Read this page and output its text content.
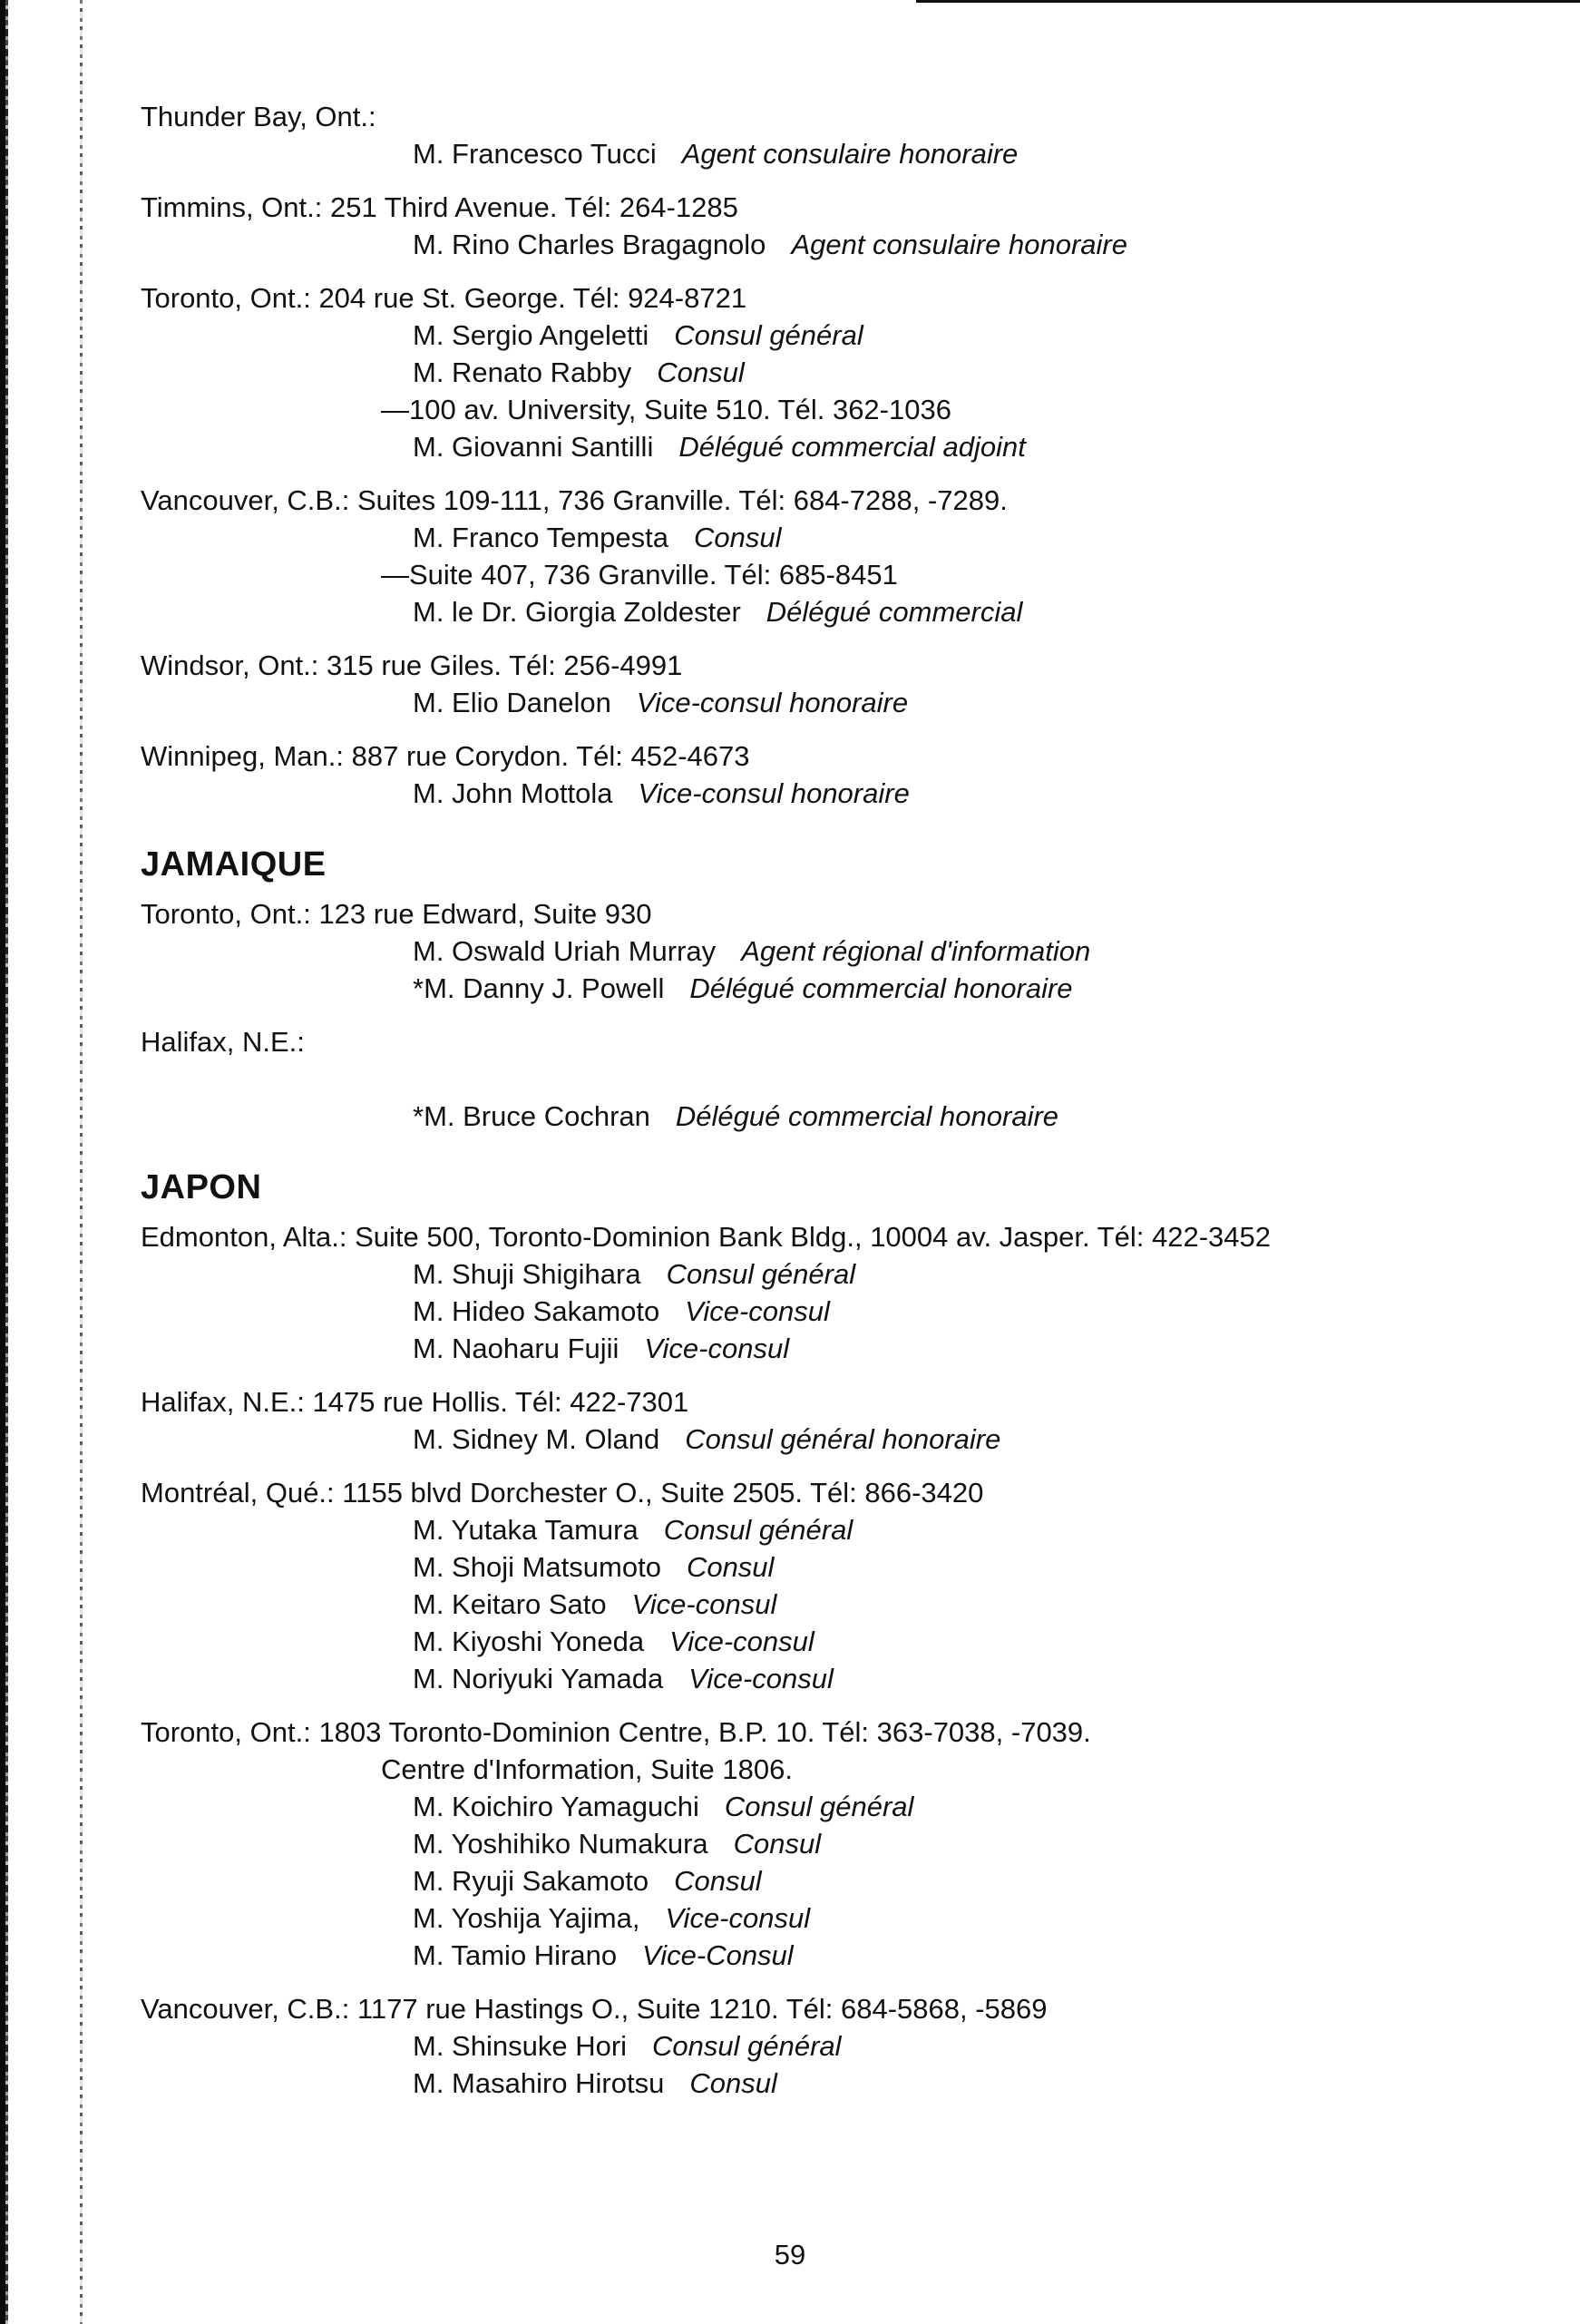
Thunder Bay, Ont.:
M. Francesco Tucci Agent consulaire honoraire
Timmins, Ont.: 251 Third Avenue. Tél: 264-1285
M. Rino Charles Bragagnolo Agent consulaire honoraire
Toronto, Ont.: 204 rue St. George. Tél: 924-8721
M. Sergio Angeletti Consul général
M. Renato Rabby Consul
—100 av. University, Suite 510. Tél. 362-1036
M. Giovanni Santilli Délégué commercial adjoint
Vancouver, C.B.: Suites 109-111, 736 Granville. Tél: 684-7288, -7289.
M. Franco Tempesta Consul
—Suite 407, 736 Granville. Tél: 685-8451
M. le Dr. Giorgia Zoldester Délégué commercial
Windsor, Ont.: 315 rue Giles. Tél: 256-4991
M. Elio Danelon Vice-consul honoraire
Winnipeg, Man.: 887 rue Corydon. Tél: 452-4673
M. John Mottola Vice-consul honoraire
JAMAIQUE
Toronto, Ont.: 123 rue Edward, Suite 930
M. Oswald Uriah Murray Agent régional d'information
*M. Danny J. Powell Délégué commercial honoraire
Halifax, N.E.:
*M. Bruce Cochran Délégué commercial honoraire
JAPON
Edmonton, Alta.: Suite 500, Toronto-Dominion Bank Bldg., 10004 av. Jasper. Tél: 422-3452
M. Shuji Shigihara Consul général
M. Hideo Sakamoto Vice-consul
M. Naoharu Fujii Vice-consul
Halifax, N.E.: 1475 rue Hollis. Tél: 422-7301
M. Sidney M. Oland Consul général honoraire
Montréal, Qué.: 1155 blvd Dorchester O., Suite 2505. Tél: 866-3420
M. Yutaka Tamura Consul général
M. Shoji Matsumoto Consul
M. Keitaro Sato Vice-consul
M. Kiyoshi Yoneda Vice-consul
M. Noriyuki Yamada Vice-consul
Toronto, Ont.: 1803 Toronto-Dominion Centre, B.P. 10. Tél: 363-7038, -7039.
Centre d'Information, Suite 1806.
M. Koichiro Yamaguchi Consul général
M. Yoshihiko Numakura Consul
M. Ryuji Sakamoto Consul
M. Yoshija Yajima, Vice-consul
M. Tamio Hirano Vice-Consul
Vancouver, C.B.: 1177 rue Hastings O., Suite 1210. Tél: 684-5868, -5869
M. Shinsuke Hori Consul général
M. Masahiro Hirotsu Consul
59
